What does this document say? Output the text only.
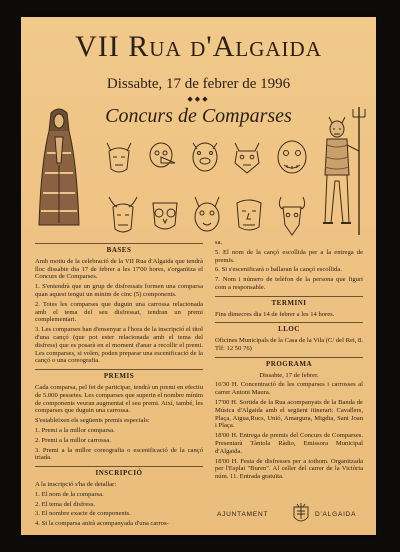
VII Rua d'Algaida
Dissabte, 17 de febrer de 1996
◆◆◆
Concurs de Comparses
BASES

Amb motiu de la celebració de la VII Rua d'Algaida que tendrà lloc dissabte dia 17 de febrer a les 17'00 hores, s'organitza el Concurs de Comparses.

1. S'entendrà que un grup de disfressats formen una comparsa quan aquest tengui un mínim de cinc (5) components.

2. Totes les comparses que duguin una carrossa relacionada amb el tema del seu disfressat, tendran un premi complementari.

3. Les comparses han d'ensenyar a l'hora de la inscripció el títol d'una cançó (que pot ester relacionada amb el tema del disfress) que es posarà en el moment d'anar a recollir el premi. Les comparses, si volen, poden preparar una escenificació de la cançó o una coreografia.

PREMIS

Cada comparsa, pel fet de participar, tendrà un premi en efectiu de 5.000 pessetes. Les comparses que superin el nombre mínim de components veuran augmentat el seu premi. Així, també, les comparses que duguin una carrossa.

S'estableixen els següents premis especials:

1. Premi a la millor comparsa.

2. Premi a la millor carrossa.

3. Premi a la millor coreografia o escenificació de la cançó triada.

INSCRIPCIÓ

A la inscripció s'ha de detallar:

1. El nom de la comparsa.

2. El tema del disfress.

3. El nombre exacte de components.

4. Si la comparsa anirà acompanyada d'una carros-

sa.

5. El nom de la cançó escollida per a la entrega de premis.

6. Si s'escenificarà o ballaran la cançó escollida.

7. Nom i número de telèfon de la persona que figuri com a responsable.

TERMINI

Fins dimecres dia 14 de febrer a les 14 hores.

LLOC

Oficines Municipals de la Casa de la Vila (C/ del Rei, 8. Tlf: 12 50 76)

PROGRAMA

Dissabte, 17 de febrer.

16'30 H. Concentració de les comparses i carrosses al carrer Antoni Maura.

17'00 H. Sortida de la Rua acompanyats de la Banda de Música d'Algaida amb el següent itinerari: Cavallers, Plaça, Aigua,Rucs, Unió, Amargura, Migdia, Sant Joan i Plaça.

18'00 H. Entrega de premis del Concurs de Comparses. Presentarà Tàntola Ràdio, Emissora Municipal d'Algaida.

18'00 H. Festa de disfresses per a tothom. Organitzada per l'Esplai "Buren". Al celler del carrer de la Victòria núm. 11. Entrada gratuïta.

AJUNTAMENT	D'ALGAIDA
